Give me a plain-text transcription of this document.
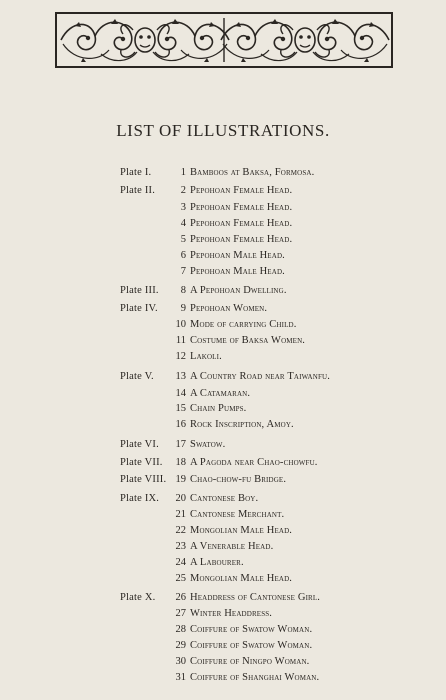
LIST OF ILLUSTRATIONS.
Plate I.	1 Bamboos at Baksa, Formosa.
Plate II. 2 Pepohoan Female Head.
3 Pepohoan Female Head.
4 Pepohoan Female Head.
5 Pepohoan Female Head.
6 Pepohoan Male Head.
7 Pepohoan Male Head.
Plate III. 8 A Pepohoan Dwelling.
Plate IV. 9 Pepohoan Women.
10 Mode of carrying Child.
11 Costume of Baksa Women.
12 Lakoli.
Plate V. 13 A Country Road near Taiwanfu.
14 A Catamaran.
15 Chain Pumps.
16 Rock Inscription, Amoy.
Plate VI. 17 Swatow.
Plate VII. 18 A Pagoda near Chao-chowfu.
Plate VIII. 19 Chao-chow-fu Bridge.
Plate IX. 20 Cantonese Boy.
21 Cantonese Merchant.
22 Mongolian Male Head.
23 A Venerable Head.
24 A Labourer.
25 Mongolian Male Head.
Plate X. 26 Headdress of Cantonese Girl.
27 Winter Headdress.
28 Coiffure of Swatow Woman.
29 Coiffure of Swatow Woman.
30 Coiffure of Ningpo Woman.
31 Coiffure of Shanghai Woman.
